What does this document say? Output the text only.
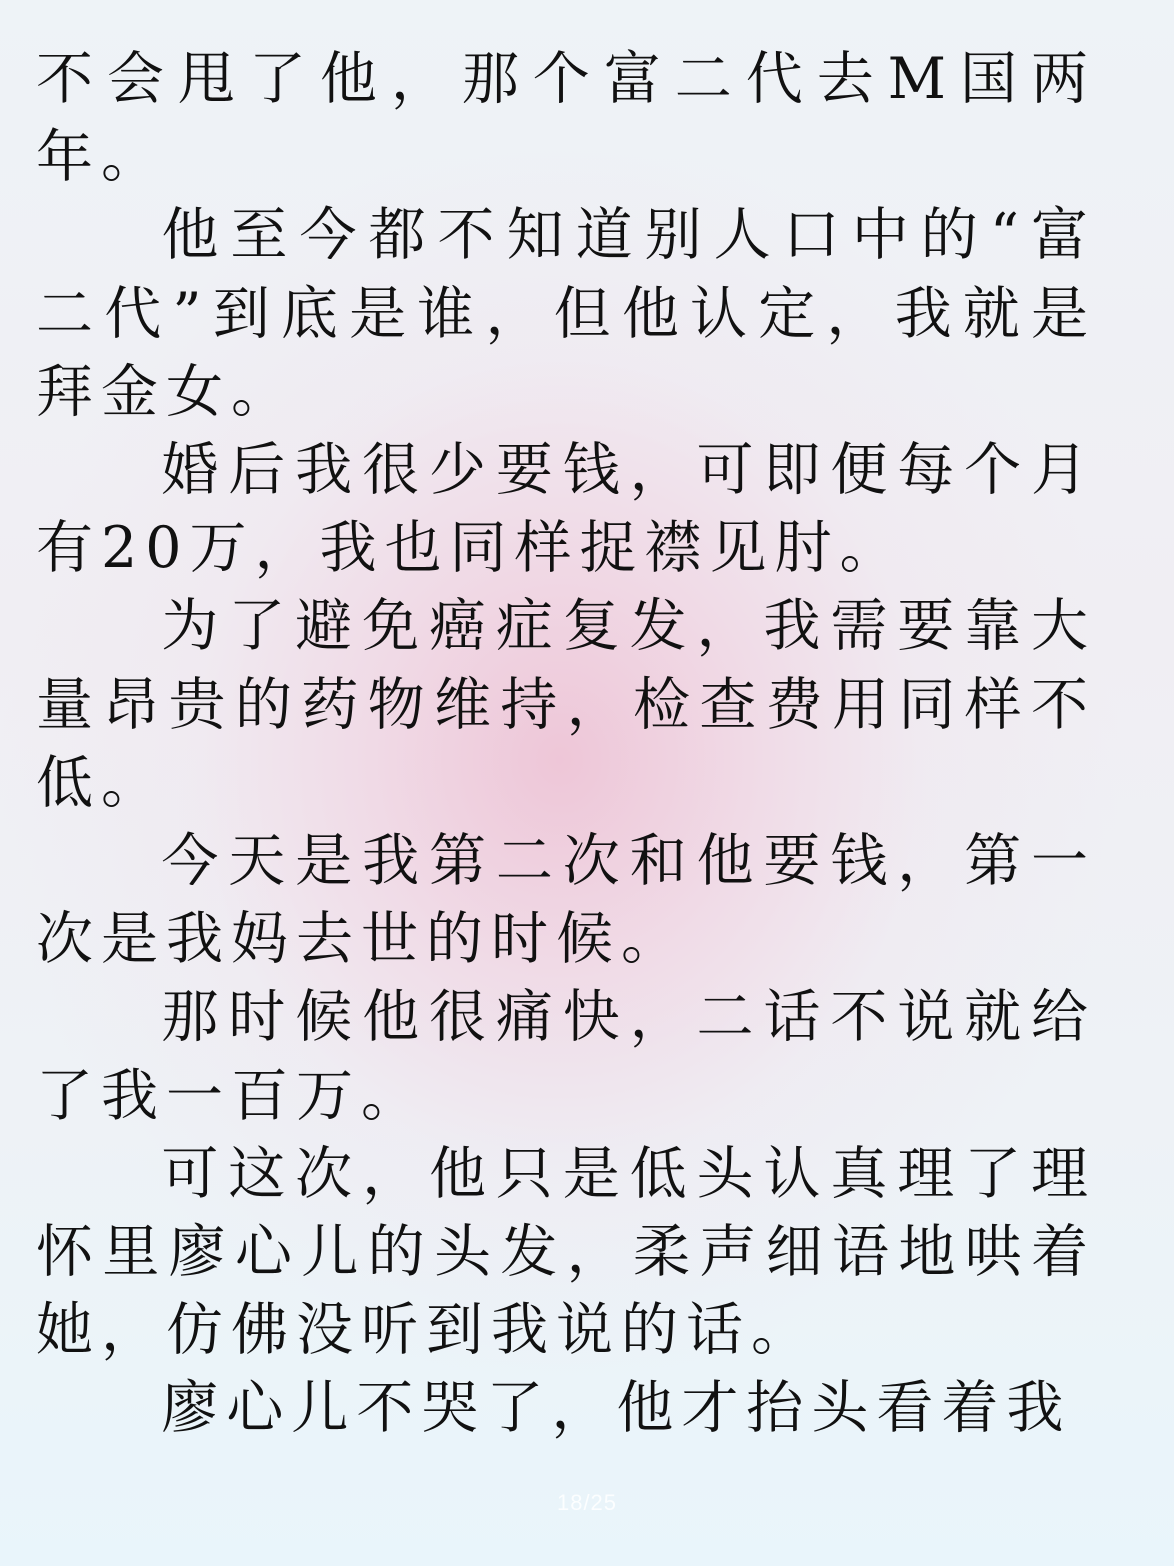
不会甩了他，那个富二代去M国两年。

他至今都不知道别人口中的“富二代”到底是谁，但他认定，我就是拜金女。

婚后我很少要钱，可即便每个月有20万，我也同样捉襟见肘。

为了避免癌症复发，我需要靠大量昂贵的药物维持，检查费用同样不低。

今天是我第二次和他要钱，第一次是我妈去世的时候。

那时候他很痛快，二话不说就给了我一百万。

可这次，他只是低头认真理了理怀里廖心儿的头发，柔声细语地哄着她，仿佛没听到我说的话。

廖心儿不哭了，他才抬头看着我

18/25
